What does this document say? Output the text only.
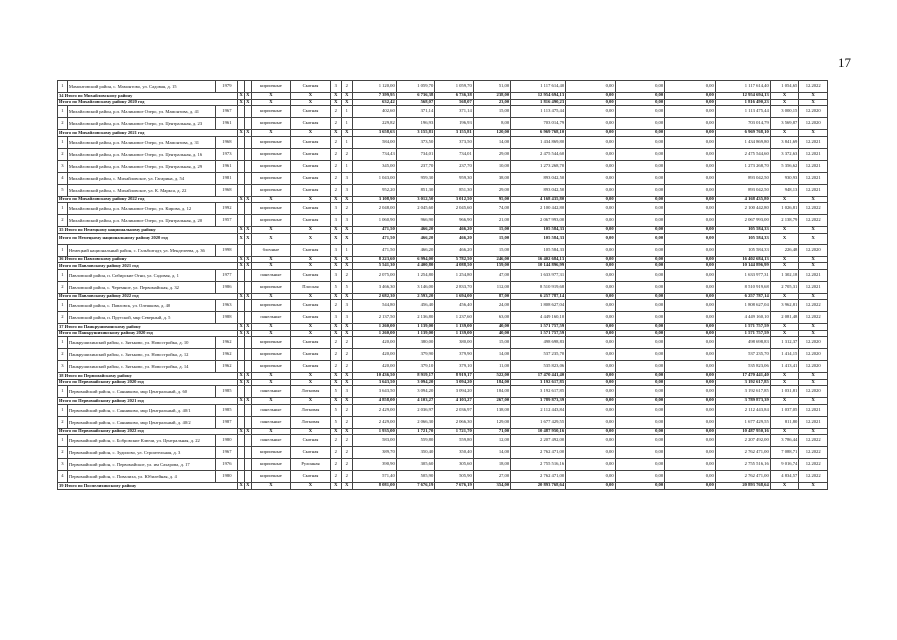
17
1	Мамонтовский район, с. Мамонтово, ул. Садовая, д. 15	1979			кирпичные	Скатная	3	2	1 120,00	1 059,70	1 059,70	51,00	1 117 614,40	0,00	0,00	0,00	1 117 614,40	1 054,65	12.2022
34 Итого по Михайловскому району			X	X	X	X	X	X	7 399,95	6 736,38	6 736,38	238,00	12 954 694,13	0,00	0,00	0,00	12 954 694,13	X	X
Итого по Михайловскому району 2020 год			X	X	X	X	X	X	632,42	568,07	568,07	23,00	1 816 490,23	0,00	0,00	0,00	1 816 490,23	X	X
1	Михайловский район, р.п. Малиновое Озеро, ул. Мамонтова, д. 41	1967			кирпичные	Скатная	2	1	402,60	371,14	371,14	15,00	1 113 475,44	0,00	0,00	0,00	1 113 475,44	3 000,15	12.2020
2	Михайловский район, р.п. Малиновое Озеро, ул. Центральная, д. 23	1961			кирпичные	Скатная	2	1	229,82	196,93	196,93	8,00	703 014,79	0,00	0,00	0,00	703 014,79	3 569,87	12.2020
Итого по Михайловскому району 2021 год			X	X	X	X	X	X	3 658,63	3 155,81	3 155,81	120,00	6 969 768,10	0,00	0,00	0,00	6 969 768,10	X	X
1	Михайловский район, р.п. Малиновое Озеро, ул. Мамонтова, д. 31	1968			кирпичные	Скатная	2	1	584,00	373,50	373,50	14,00	1 434 869,80	0,00	0,00	0,00	1 434 869,80	3 841,69	12.2021
2	Михайловский район, р.п. Малиновое Озеро, ул. Центральная, д. 16	1973			кирпичные	Скатная	2	2	734,43	734,01	734,01	29,00	2 475 544,60	0,00	0,00	0,00	2 475 544,60	3 372,63	12.2021
3	Михайловский район, р.п. Малиновое Озеро, ул. Центральная, д. 29	1961			кирпичные	Скатная	2	1	345,00	237,70	237,70	10,00	1 273 268,70	0,00	0,00	0,00	1 273 268,70	5 356,62	12.2021
4	Михайловский район, с. Михайловское, ул. Гагарина, д. 54	1981			кирпичные	Скатная	2	3	1 043,00	959,30	959,30	38,00	893 042,50	0,00	0,00	0,00	893 042,50	930,93	12.2021
5	Михайловский район, с. Михайловское, ул. К. Маркса, д. 22	1968			кирпичные	Скатная	2	3	952,20	851,30	851,30	29,00	893 042,50	0,00	0,00	0,00	893 042,50	948,13	12.2021
Итого по Михайловскому району 2022 год			X	X	X	X	X	X	3 108,90	3 012,50	3 012,50	95,00	4 168 435,80	0,00	0,00	0,00	4 168 435,80	X	X
1	Михайловский район, р.п. Малиновое Озеро, ул. Кирова, д. 12	1992			кирпичные	Скатная	3	2	2 048,00	2 045,60	2 045,60	74,00	2 100 442,80	0,00	0,00	0,00	2 100 442,80	1 026,81	12.2022
2	Михайловский район, р.п. Малиновое Озеро, ул. Центральная, д. 20	1957			кирпичные	Скатная	3	3	1 060,90	966,90	966,90	21,00	2 067 993,00	0,00	0,00	0,00	2 067 993,00	2 138,79	12.2022
35 Итого по Немецкому национальному району			X	X	X	X	X	X	471,50	466,20	466,20	15,00	105 584,33	0,00	0,00	0,00	105 584,33	X	X
Итого по Немецкому национальному району 2020 год			X	X	X	X	X	X	471,50	466,20	466,20	15,00	105 584,33	0,00	0,00	0,00	105 584,33	X	X
1	Немецкий национальный район, с. Гальбштадт, ул. Менделеева, д. 36	1998			блочные	Скатная	3	1	471,50	466,20	466,20	15,00	105 584,33	0,00	0,00	0,00	105 584,33	226,48	12.2020
36 Итого по Павловскому району			X	X	X	X	X	X	8 223,60	6 994,00	5 782,50	246,00	16 402 684,13	0,00	0,00	0,00	16 402 684,13	X	X
Итого по Павловскому району 2021 год			X	X	X	X	X	X	5 541,30	4 400,80	4 088,50	159,00	10 144 896,99	0,00	0,00	0,00	10 144 896,99	X	X
1	Павловский район, п. Сибирские Огни, ул. Садовая, д. 1	1977			панельные	Скатная	3	2	2 075,00	1 254,80	1 254,80	47,00	1 633 977,31	0,00	0,00	0,00	1 633 977,31	1 302,18	12.2021
2	Павловский район, с. Черемное, ул. Первомайская, д. 32	1986			кирпичные	Плоская	5	5	3 466,30	3 146,00	2 833,70	112,00	8 510 919,68	0,00	0,00	0,00	8 510 919,68	2 705,31	12.2021
Итого по Павловскому району 2022 год			X	X	X	X	X	X	2 682,30	2 593,20	1 694,00	87,00	6 257 787,14	0,00	0,00	0,00	6 257 787,14	X	X
1	Павловский район, с. Павловск, ул. Олешкова, д. 40	1963			кирпичные	Скатная	2	3	544,80	456,40	456,40	24,00	1 808 627,04	0,00	0,00	0,00	1 808 627,04	3 962,81	12.2022
2	Павловский район, п. Прутской, мкр Северный, д. 5	1988			панельные	Скатная	3	3	2 137,50	2 136,80	1 237,60	63,00	4 449 160,10	0,00	0,00	0,00	4 449 160,10	2 081,48	12.2022
37 Итого по Панкрушихинскому району			X	X	X	X	X	X	1 260,00	1 139,00	1 139,00	40,00	1 571 757,59	0,00	0,00	0,00	1 571 757,59	X	X
Итого по Панкрушихинскому району 2020 год			X	X	X	X	X	X	1 260,00	1 139,00	1 139,00	40,00	1 571 757,59	0,00	0,00	0,00	1 571 757,59	X	X
1	Панкрушихинский район, с. Зятьково, ул. Новостройка, д. 10	1962			кирпичные	Скатная	2	2	420,00	380,00	380,00	15,00	498 698,83	0,00	0,00	0,00	498 698,83	1 312,37	12.2020
2	Панкрушихинский район, с. Зятьково, ул. Новостройка, д. 12	1962			кирпичные	Скатная	2	2	420,00	379,90	379,90	14,00	537 235,70	0,00	0,00	0,00	537 235,70	1 414,15	12.2020
3	Панкрушихинский район, с. Зятьково, ул. Новостройка, д. 14	1962			кирпичные	Скатная	2	2	420,00	379,10	379,10	11,00	535 823,06	0,00	0,00	0,00	535 823,06	1 413,41	12.2020
38 Итого по Первомайскому району			X	X	X	X	X	X	10 436,50	8 919,17	8 919,17	522,00	17 470 441,40	0,00	0,00	0,00	17 470 441,40	X	X
Итого по Первомайскому району 2020 год			X	X	X	X	X	X	3 643,50	3 094,20	3 094,20	184,00	3 192 617,85	0,00	0,00	0,00	3 192 617,85	X	X
1	Первомайский район, с. Санниково, мкр Центральный, д. 60	1985			панельные	Лотковая	5	3	3 643,50	3 094,20	3 094,20	184,00	3 192 617,85	0,00	0,00	0,00	3 192 617,85	1 031,81	12.2020
Итого по Первомайскому району 2021 год			X	X	X	X	X	X	4 858,00	4 103,27	4 103,27	267,00	3 789 873,39	0,00	0,00	0,00	3 789 873,39	X	X
1	Первомайский район, с. Санниково, мкр Центральный, д. 40/1	1985			панельные	Лотковая	5	2	2 429,00	2 036,97	2 036,97	138,00	2 112 443,84	0,00	0,00	0,00	2 112 443,84	1 037,05	12.2021
2	Первомайский район, с. Санниково, мкр Центральный, д. 40/2	1987			панельные	Лотковая	5	2	2 429,00	2 066,30	2 066,30	129,00	1 677 429,55	0,00	0,00	0,00	1 677 429,55	811,80	12.2021
Итого по Первомайскому району 2022 год			X	X	X	X	X	X	1 935,00	1 721,70	1 721,70	71,00	10 487 950,16	0,00	0,00	0,00	10 487 950,16	X	X
1	Первомайский район, с. Бобровские Ключи, ул. Центральная, д. 22	1980			панельные	Скатная	2	2	583,00	559,80	559,80	12,00	2 207 492,00	0,00	0,00	0,00	2 207 492,00	3 786,44	12.2022
2	Первомайский район, с. Зудилово, ул. Строительная, д. 3	1967			кирпичные	Скатная	2	2	389,70	350,40	350,40	14,00	2 762 471,00	0,00	0,00	0,00	2 762 471,00	7 088,71	12.2022
3	Первомайский район, с. Первомайское, ул. им Сахарова, д. 17	1976			кирпичные	Рулонная	2	2	390,90	305,60	305,60	18,00	2 755 516,16	0,00	0,00	0,00	2 755 516,16	9 016,74	12.2022
4	Первомайский район, с. Повалиха, ул. Юбилейная, д. 4	1980			кирпичные	Скатная	2	2	571,40	505,90	505,90	27,00	2 762 471,00	0,00	0,00	0,00	2 762 471,00	4 834,57	12.2022
39 Итого по Поспелихинскому району			X	X	X	X	X	X	8 081,00	7 676,19	7 676,19	354,00	20 893 768,64	0,00	0,00	0,00	20 893 768,64	X	X
